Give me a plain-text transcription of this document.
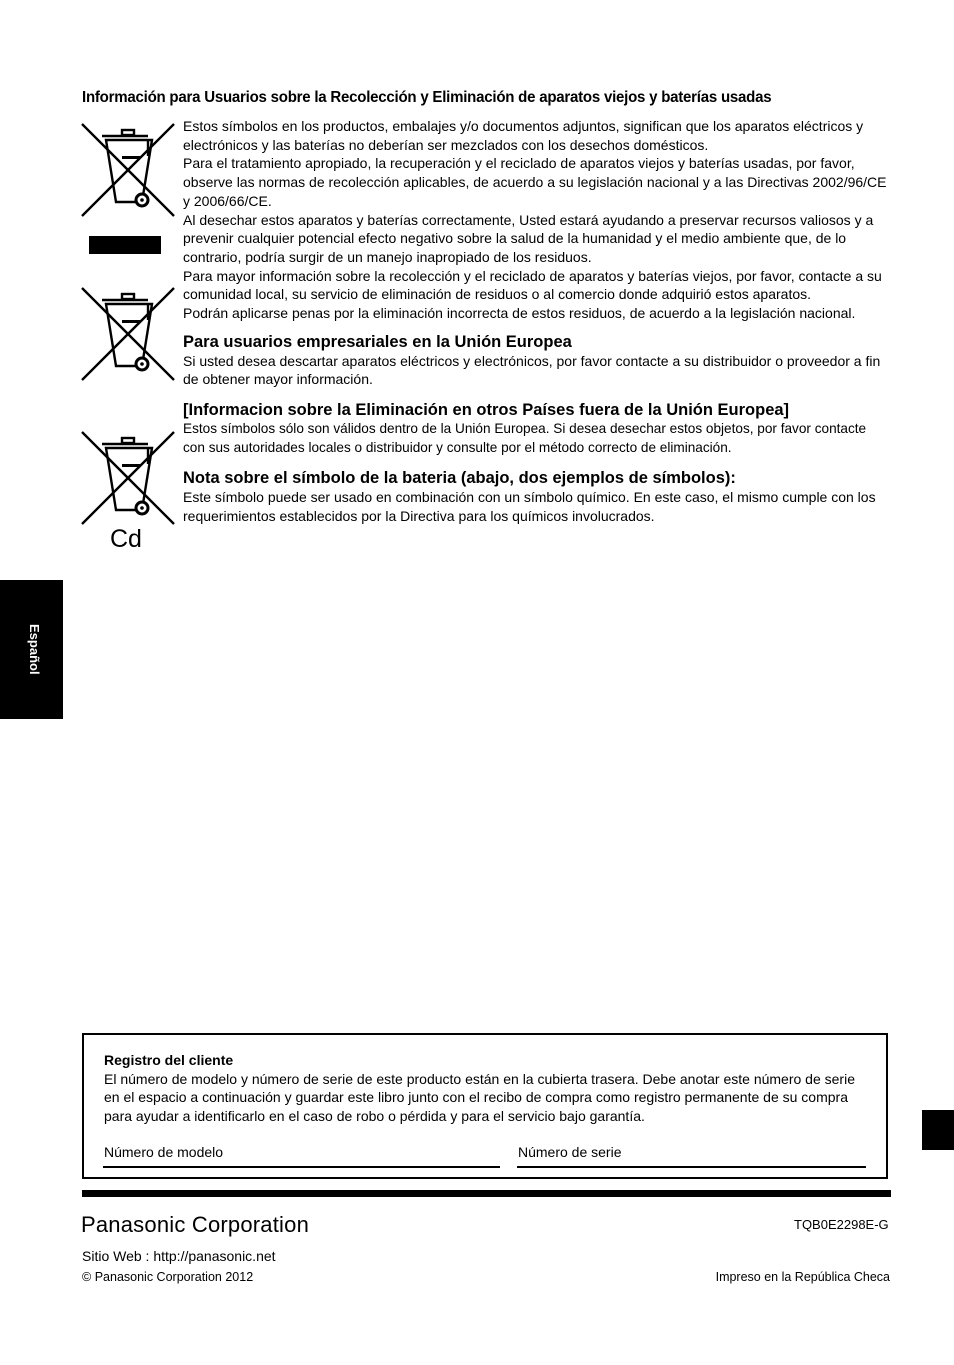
Información para Usuarios sobre la Recolección y Eliminación de aparatos viejos y baterías usadas
Cd

Estos símbolos en los productos, embalajes y/o documentos adjuntos, significan que los aparatos eléctricos y electrónicos y las baterías no deberían ser mezclados con los desechos domésticos.

Para el tratamiento apropiado, la recuperación y el reciclado de aparatos viejos y baterías usadas, por favor, observe las normas de recolección aplicables, de acuerdo a su legislación nacional y a las Directivas 2002/96/CE y 2006/66/CE.

Al desechar estos aparatos y baterías correctamente, Usted estará ayudando a preservar recursos valiosos y a prevenir cualquier potencial efecto negativo sobre la salud de la humanidad y el medio ambiente que, de lo contrario, podría surgir de un manejo inapropiado de los residuos.

Para mayor información sobre la recolección y el reciclado de aparatos y baterías viejos, por favor, contacte a su comunidad local, su servicio de eliminación de residuos o al comercio donde adquirió estos aparatos.

Podrán aplicarse penas por la eliminación incorrecta de estos residuos, de acuerdo a la legislación nacional.

Para usuarios empresariales en la Unión Europea

Si usted desea descartar aparatos eléctricos y electrónicos, por favor contacte a su distribuidor o proveedor a fin de obtener mayor información.

[Informacion sobre la Eliminación en otros Países fuera de la Unión Europea]

Estos símbolos sólo son válidos dentro de la Unión Europea. Si desea desechar estos objetos, por favor contacte con sus autoridades locales o distribuidor y consulte por el método correcto de eliminación.

Nota sobre el símbolo de la bateria (abajo, dos ejemplos de símbolos):

Este símbolo puede ser usado en combinación con un símbolo químico. En este caso, el mismo cumple con los requerimientos establecidos por la Directiva para los químicos involucrados.

Español
Registro del cliente
El número de modelo y número de serie de este producto están en la cubierta trasera. Debe anotar este número de serie en el espacio a continuación y guardar este libro junto con el recibo de compra como registro permanente de su compra para ayudar a identificarlo en el caso de robo o pérdida y para el servicio bajo garantía.
Número de modelo	Número de serie
Panasonic Corporation	TQB0E2298E-G
Sitio Web : http://panasonic.net
© Panasonic Corporation 2012	Impreso en la República Checa
